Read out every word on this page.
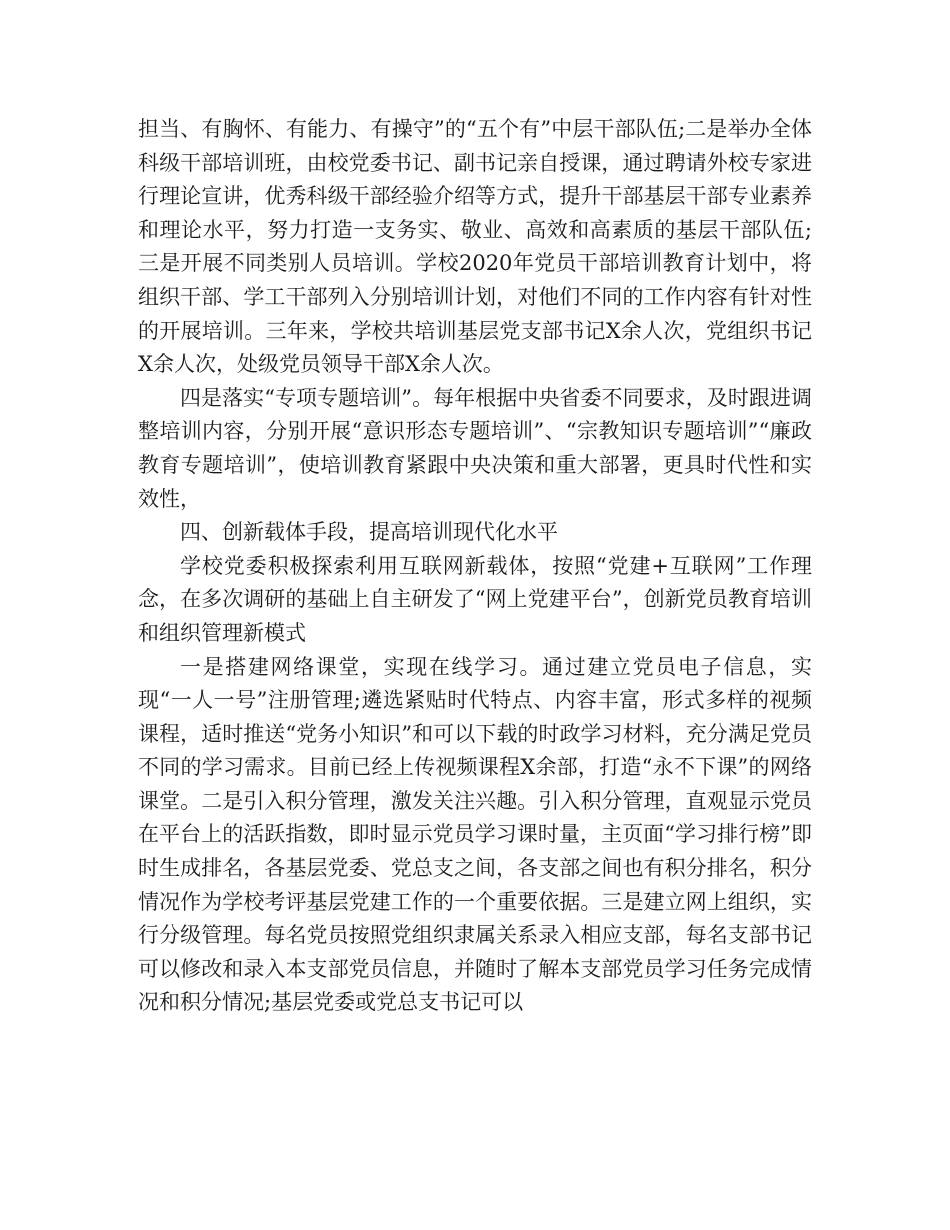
担当、有胸怀、有能力、有操守”的“五个有”中层干部队伍;二是举办全体科级干部培训班，由校党委书记、副书记亲自授课，通过聘请外校专家进行理论宣讲，优秀科级干部经验介绍等方式，提升干部基层干部专业素养和理论水平，努力打造一支务实、敬业、高效和高素质的基层干部队伍;三是开展不同类别人员培训。学校2020年党员干部培训教育计划中，将组织干部、学工干部列入分别培训计划，对他们不同的工作内容有针对性的开展培训。三年来，学校共培训基层党支部书记X余人次，党组织书记X余人次，处级党员领导干部X余人次。

四是落实“专项专题培训”。每年根据中央省委不同要求，及时跟进调整培训内容，分别开展“意识形态专题培训”、“宗教知识专题培训”“廉政教育专题培训”，使培训教育紧跟中央决策和重大部署，更具时代性和实效性，

四、创新载体手段，提高培训现代化水平

学校党委积极探索利用互联网新载体，按照“党建+互联网”工作理念，在多次调研的基础上自主研发了“网上党建平台”，创新党员教育培训和组织管理新模式

一是搭建网络课堂，实现在线学习。通过建立党员电子信息，实现“一人一号”注册管理;遴选紧贴时代特点、内容丰富，形式多样的视频课程，适时推送“党务小知识”和可以下载的时政学习材料，充分满足党员不同的学习需求。目前已经上传视频课程X余部，打造“永不下课”的网络课堂。二是引入积分管理，激发关注兴趣。引入积分管理，直观显示党员在平台上的活跃指数，即时显示党员学习课时量，主页面“学习排行榜”即时生成排名，各基层党委、党总支之间，各支部之间也有积分排名，积分情况作为学校考评基层党建工作的一个重要依据。三是建立网上组织，实行分级管理。每名党员按照党组织隶属关系录入相应支部，每名支部书记可以修改和录入本支部党员信息，并随时了解本支部党员学习任务完成情况和积分情况;基层党委或党总支书记可以
